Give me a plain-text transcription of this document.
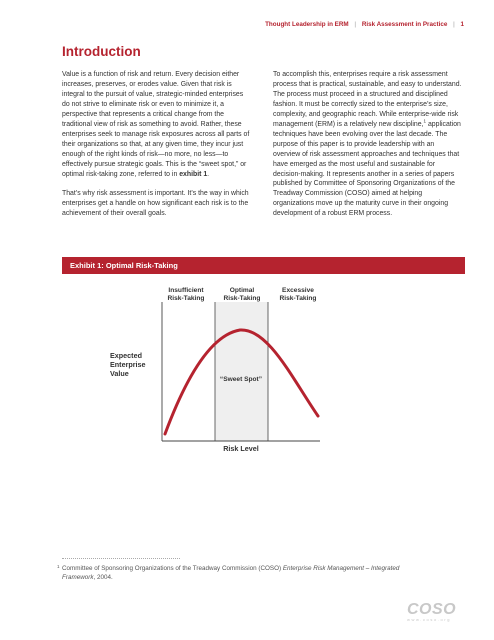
Thought Leadership in ERM | Risk Assessment in Practice | 1
Introduction

Value is a function of risk and return. Every decision either increases, preserves, or erodes value. Given that risk is integral to the pursuit of value, strategic-minded enterprises do not strive to eliminate risk or even to minimize it, a perspective that represents a critical change from the traditional view of risk as something to avoid. Rather, these enterprises seek to manage risk exposures across all parts of their organizations so that, at any given time, they incur just enough of the right kinds of risk—no more, no less—to effectively pursue strategic goals. This is the “sweet spot,” or optimal risk-taking zone, referred to in exhibit 1.

That’s why risk assessment is important. It’s the way in which enterprises get a handle on how significant each risk is to the achievement of their overall goals.

To accomplish this, enterprises require a risk assessment process that is practical, sustainable, and easy to understand. The process must proceed in a structured and disciplined fashion. It must be correctly sized to the enterprise’s size, complexity, and geographic reach. While enterprise-wide risk management (ERM) is a relatively new discipline,$^1$ application techniques have been evolving over the last decade. The purpose of this paper is to provide leadership with an overview of risk assessment approaches and techniques that have emerged as the most useful and sustainable for decision-making. It represents another in a series of papers published by Committee of Sponsoring Organizations of the Treadway Commission (COSO) aimed at helping organizations move up the maturity curve in their ongoing development of a robust ERM process.

Exhibit 1: Optimal Risk-Taking
Insufficient
Risk-Taking
Optimal
Risk-Taking
Excessive
Risk-Taking
Expected
Enterprise
Value
“Sweet Spot”
Risk Level
1 Committee of Sponsoring Organizations of the Treadway Commission (COSO) Enterprise Risk Management – Integrated Framework, 2004.
COSO
www.coso.org
